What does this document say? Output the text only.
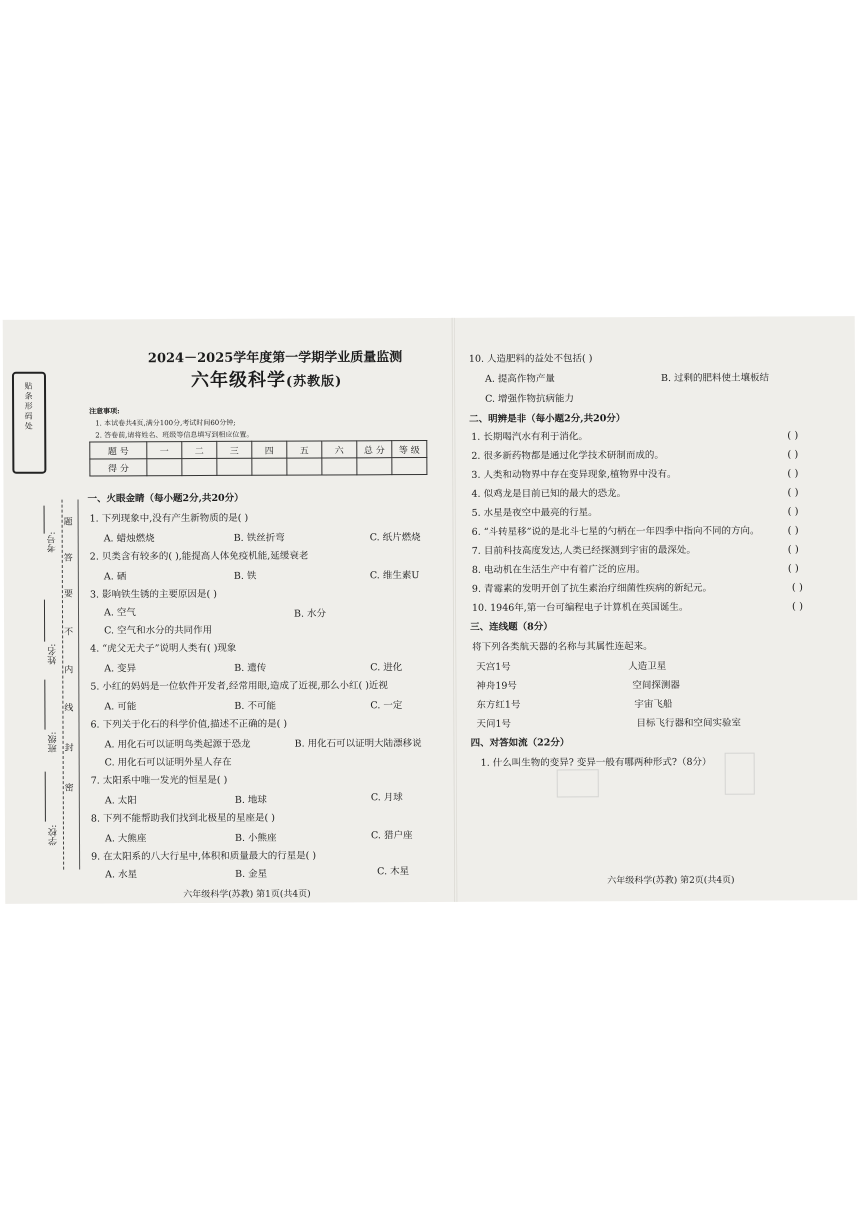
贴条形码处
题
答
要
不
内
线
封
密
考号:
姓名:
班级:
学校:
2024－2025学年度第一学期学业质量监测
六年级科学(苏教版)
注意事项:
1. 本试卷共4页,满分100分,考试时间60分钟;
2. 答卷前,请将姓名、班级等信息填写到相应位置。
题 号	一	二	三	四	五	六	总 分	等 级
得 分								
一、火眼金睛（每小题2分,共20分）
1. 下列现象中,没有产生新物质的是( )
A. 蜡烛燃烧	B. 铁丝折弯	C. 纸片燃烧
2. 贝类含有较多的( ),能提高人体免疫机能,延缓衰老
A. 硒	B. 铁	C. 维生素U
3. 影响铁生锈的主要原因是( )
A. 空气	B. 水分
C. 空气和水分的共同作用
4. “虎父无犬子”说明人类有( )现象
A. 变异	B. 遗传	C. 进化
5. 小红的妈妈是一位软件开发者,经常用眼,造成了近视,那么小红( )近视
A. 可能	B. 不可能	C. 一定
6. 下列关于化石的科学价值,描述不正确的是( )
A. 用化石可以证明鸟类起源于恐龙	B. 用化石可以证明大陆漂移说
C. 用化石可以证明外星人存在
7. 太阳系中唯一发光的恒星是( )
A. 太阳	B. 地球	C. 月球
8. 下列不能帮助我们找到北极星的星座是( )
A. 大熊座	B. 小熊座	C. 猎户座
9. 在太阳系的八大行星中,体积和质量最大的行星是( )
A. 水星	B. 金星	C. 木星
六年级科学(苏教) 第1页(共4页)
10. 人造肥料的益处不包括( )
A. 提高作物产量	B. 过剩的肥料使土壤板结
C. 增强作物抗病能力
二、明辨是非（每小题2分,共20分）
1. 长期喝汽水有利于消化。	( )
2. 很多新药物都是通过化学技术研制而成的。	( )
3. 人类和动物界中存在变异现象,植物界中没有。	( )
4. 似鸡龙是目前已知的最大的恐龙。	( )
5. 水星是夜空中最亮的行星。	( )
6. “斗转星移”说的是北斗七星的勺柄在一年四季中指向不同的方向。	( )
7. 目前科技高度发达,人类已经探测到宇宙的最深处。	( )
8. 电动机在生活生产中有着广泛的应用。	( )
9. 青霉素的发明开创了抗生素治疗细菌性疾病的新纪元。	( )
10. 1946年,第一台可编程电子计算机在英国诞生。	( )
三、连线题（8分）
将下列各类航天器的名称与其属性连起来。
天宫1号	人造卫星
神舟19号	空间探测器
东方红1号	宇宙飞船
天问1号	目标飞行器和空间实验室
四、对答如流（22分）
1. 什么叫生物的变异? 变异一般有哪两种形式?（8分）
六年级科学(苏教) 第2页(共4页)
